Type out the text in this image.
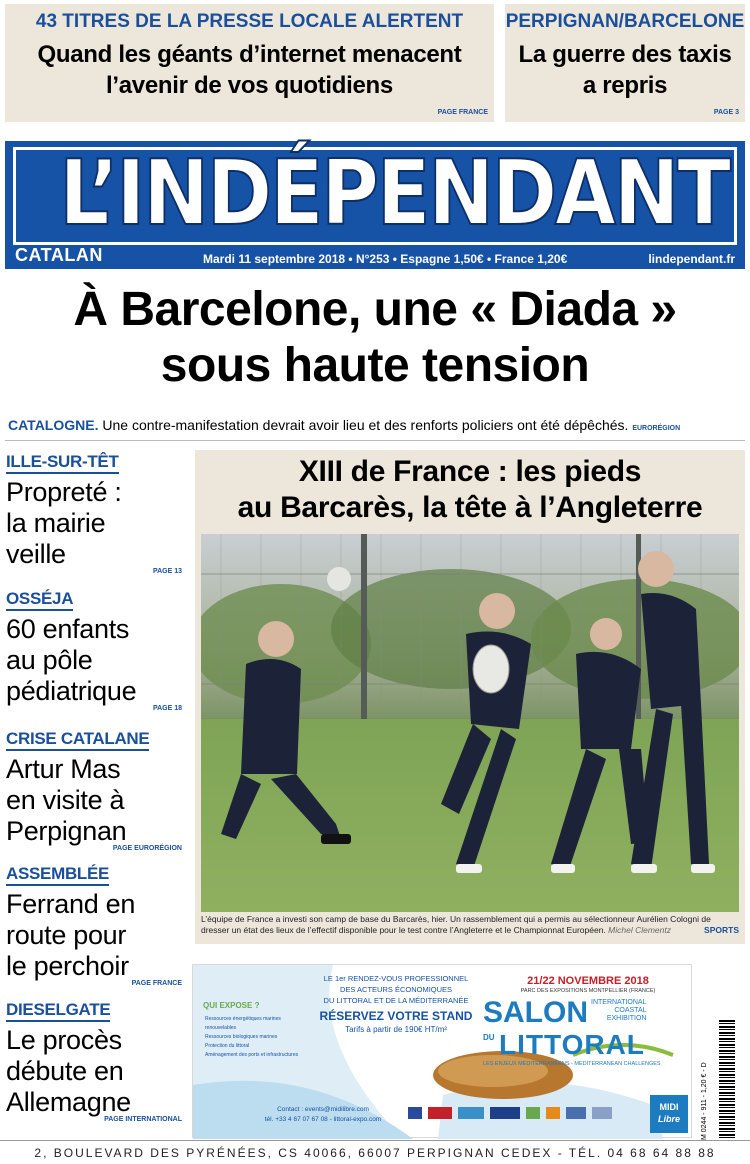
43 TITRES DE LA PRESSE LOCALE ALERTENT
Quand les géants d’internet menacent
l’avenir de vos quotidiens
PAGE FRANCE
PERPIGNAN/BARCELONE
La guerre des taxis
a repris
PAGE 3
L’INDÉPENDANT
CATALAN	Mardi 11 septembre 2018 • N°253 • Espagne 1,50€ • France 1,20€	lindependant.fr
À Barcelone, une « Diada »
sous haute tension
CATALOGNE. Une contre-manifestation devrait avoir lieu et des renforts policiers ont été dépêchés. EURORÉGION
ILLE-SUR-TÊT
Propreté :
la mairie
veille
PAGE 13
OSSÉJA
60 enfants
au pôle
pédiatrique
PAGE 18
CRISE CATALANE
Artur Mas
en visite à
Perpignan
PAGE EURORÉGION
ASSEMBLÉE
Ferrand en
route pour
le perchoir
PAGE FRANCE
DIESELGATE
Le procès
débute en
Allemagne
PAGE INTERNATIONAL
XIII de France : les pieds
au Barcarès, la tête à l’Angleterre
L’équipe de France a investi son camp de base du Barcarès, hier. Un rassemblement qui a permis au sélectionneur Aurélien Cologni de dresser un état des lieux de l’effectif disponible pour le test contre l’Angleterre et le Championnat Européen. Michel Clementz	SPORTS
LE 1er RENDEZ-VOUS PROFESSIONNEL
DES ACTEURS ÉCONOMIQUES
DU LITTORAL ET DE LA MÉDITERRANÉE
RÉSERVEZ VOTRE STAND
Tarifs à partir de 190€ HT/m²
21/22 NOVEMBRE 2018
PARC DES EXPOSITIONS MONTPELLIER (FRANCE)
SALON INTERNATIONAL
COASTAL
EXHIBITION
DU LITTORAL
LES ENJEUX MÉDITERRANÉENS - MEDITERRANEAN CHALLENGES
QUI EXPOSE ?
Ressources énergétiques marines renouvelables
Ressources biologiques marines
Protection du littoral
Aménagement des ports et infrastructures
Contact : events@midilibre.com
tél. +33 4 67 07 67 08 - littoral-expo.com
MIDI
Libre	M 0244 - 911 - 1,20 € - D
2, BOULEVARD DES PYRÉNÉES, CS 40066, 66007 PERPIGNAN CEDEX - TÉL. 04 68 64 88 88
